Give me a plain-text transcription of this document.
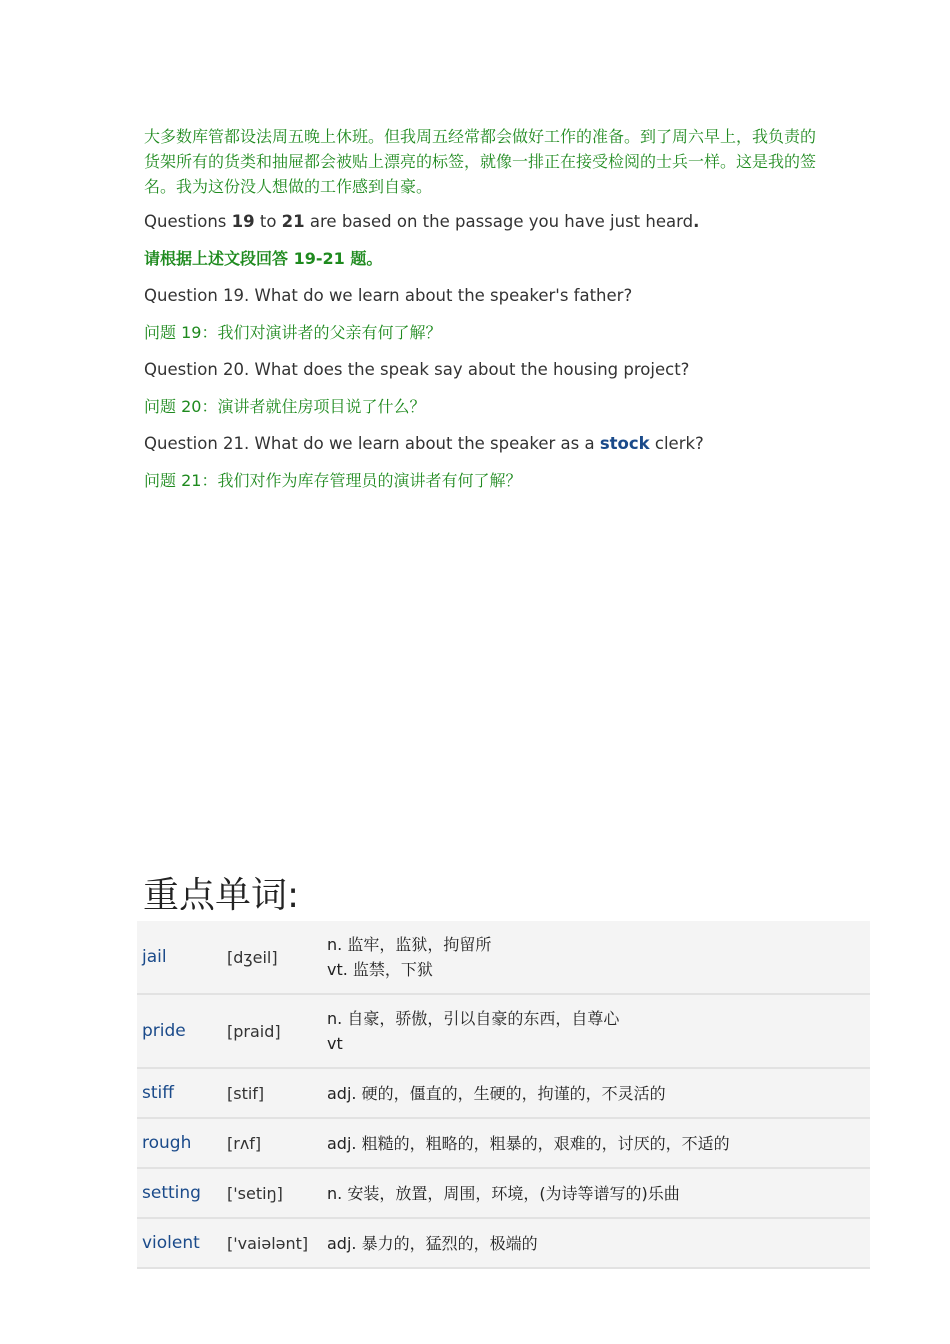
大多数库管都设法周五晚上休班。但我周五经常都会做好工作的准备。到了周六早上，我负责的货架所有的货类和抽屉都会被贴上漂亮的标签，就像一排正在接受检阅的士兵一样。这是我的签名。我为这份没人想做的工作感到自豪。

Questions 19 to 21 are based on the passage you have just heard.

请根据上述文段回答 19-21 题。

Question 19. What do we learn about the speaker's father?

问题 19：我们对演讲者的父亲有何了解？

Question 20. What does the speak say about the housing project?

问题 20：演讲者就住房项目说了什么？

Question 21. What do we learn about the speaker as a stock clerk?

问题 21：我们对作为库存管理员的演讲者有何了解？

重点单词:
jail	[dʒeil]	n. 监牢，监狱，拘留所
vt. 监禁，下狱

pride	[praid]	n. 自豪，骄傲，引以自豪的东西，自尊心
vt

stiff	[stif]	adj. 硬的，僵直的，生硬的，拘谨的，不灵活的
rough	[rʌf]	adj. 粗糙的，粗略的，粗暴的，艰难的，讨厌的，不适的
setting	['setiŋ]	n. 安装，放置，周围，环境，(为诗等谱写的)乐曲
violent	['vaiələnt]	adj. 暴力的，猛烈的，极端的
